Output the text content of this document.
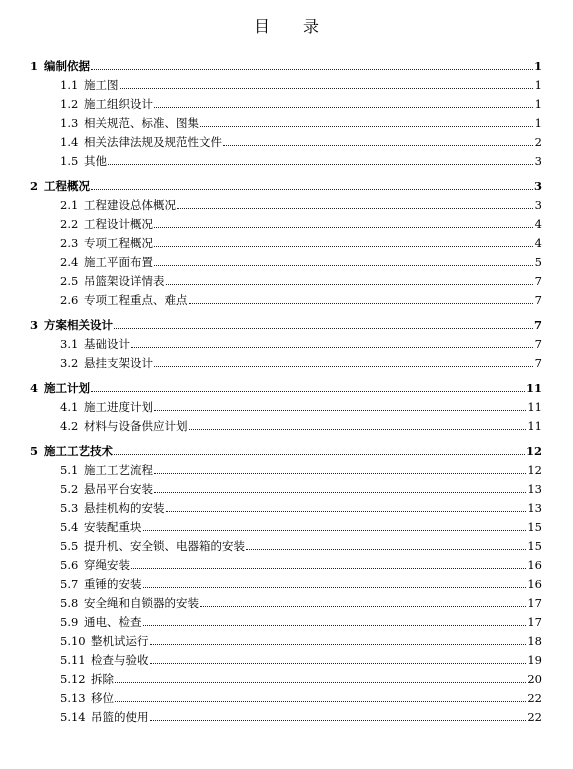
目 录
1 编制依据	1
1.1 施工图	1
1.2 施工组织设计	1
1.3 相关规范、标准、图集	1
1.4 相关法律法规及规范性文件	2
1.5 其他	3
2 工程概况	3
2.1 工程建设总体概况	3
2.2 工程设计概况	4
2.3 专项工程概况	4
2.4 施工平面布置	5
2.5 吊篮架设详情表	7
2.6 专项工程重点、难点	7
3 方案相关设计	7
3.1 基础设计	7
3.2 悬挂支架设计	7
4 施工计划	11
4.1 施工进度计划	11
4.2 材料与设备供应计划	11
5 施工工艺技术	12
5.1 施工工艺流程	12
5.2 悬吊平台安装	13
5.3 悬挂机构的安装	13
5.4 安装配重块	15
5.5 提升机、安全锁、电器箱的安装	15
5.6 穿绳安装	16
5.7 重锤的安装	16
5.8 安全绳和自锁器的安装	17
5.9 通电、检查	17
5.10 整机试运行	18
5.11 检查与验收	19
5.12 拆除	20
5.13 移位	22
5.14 吊篮的使用	22
